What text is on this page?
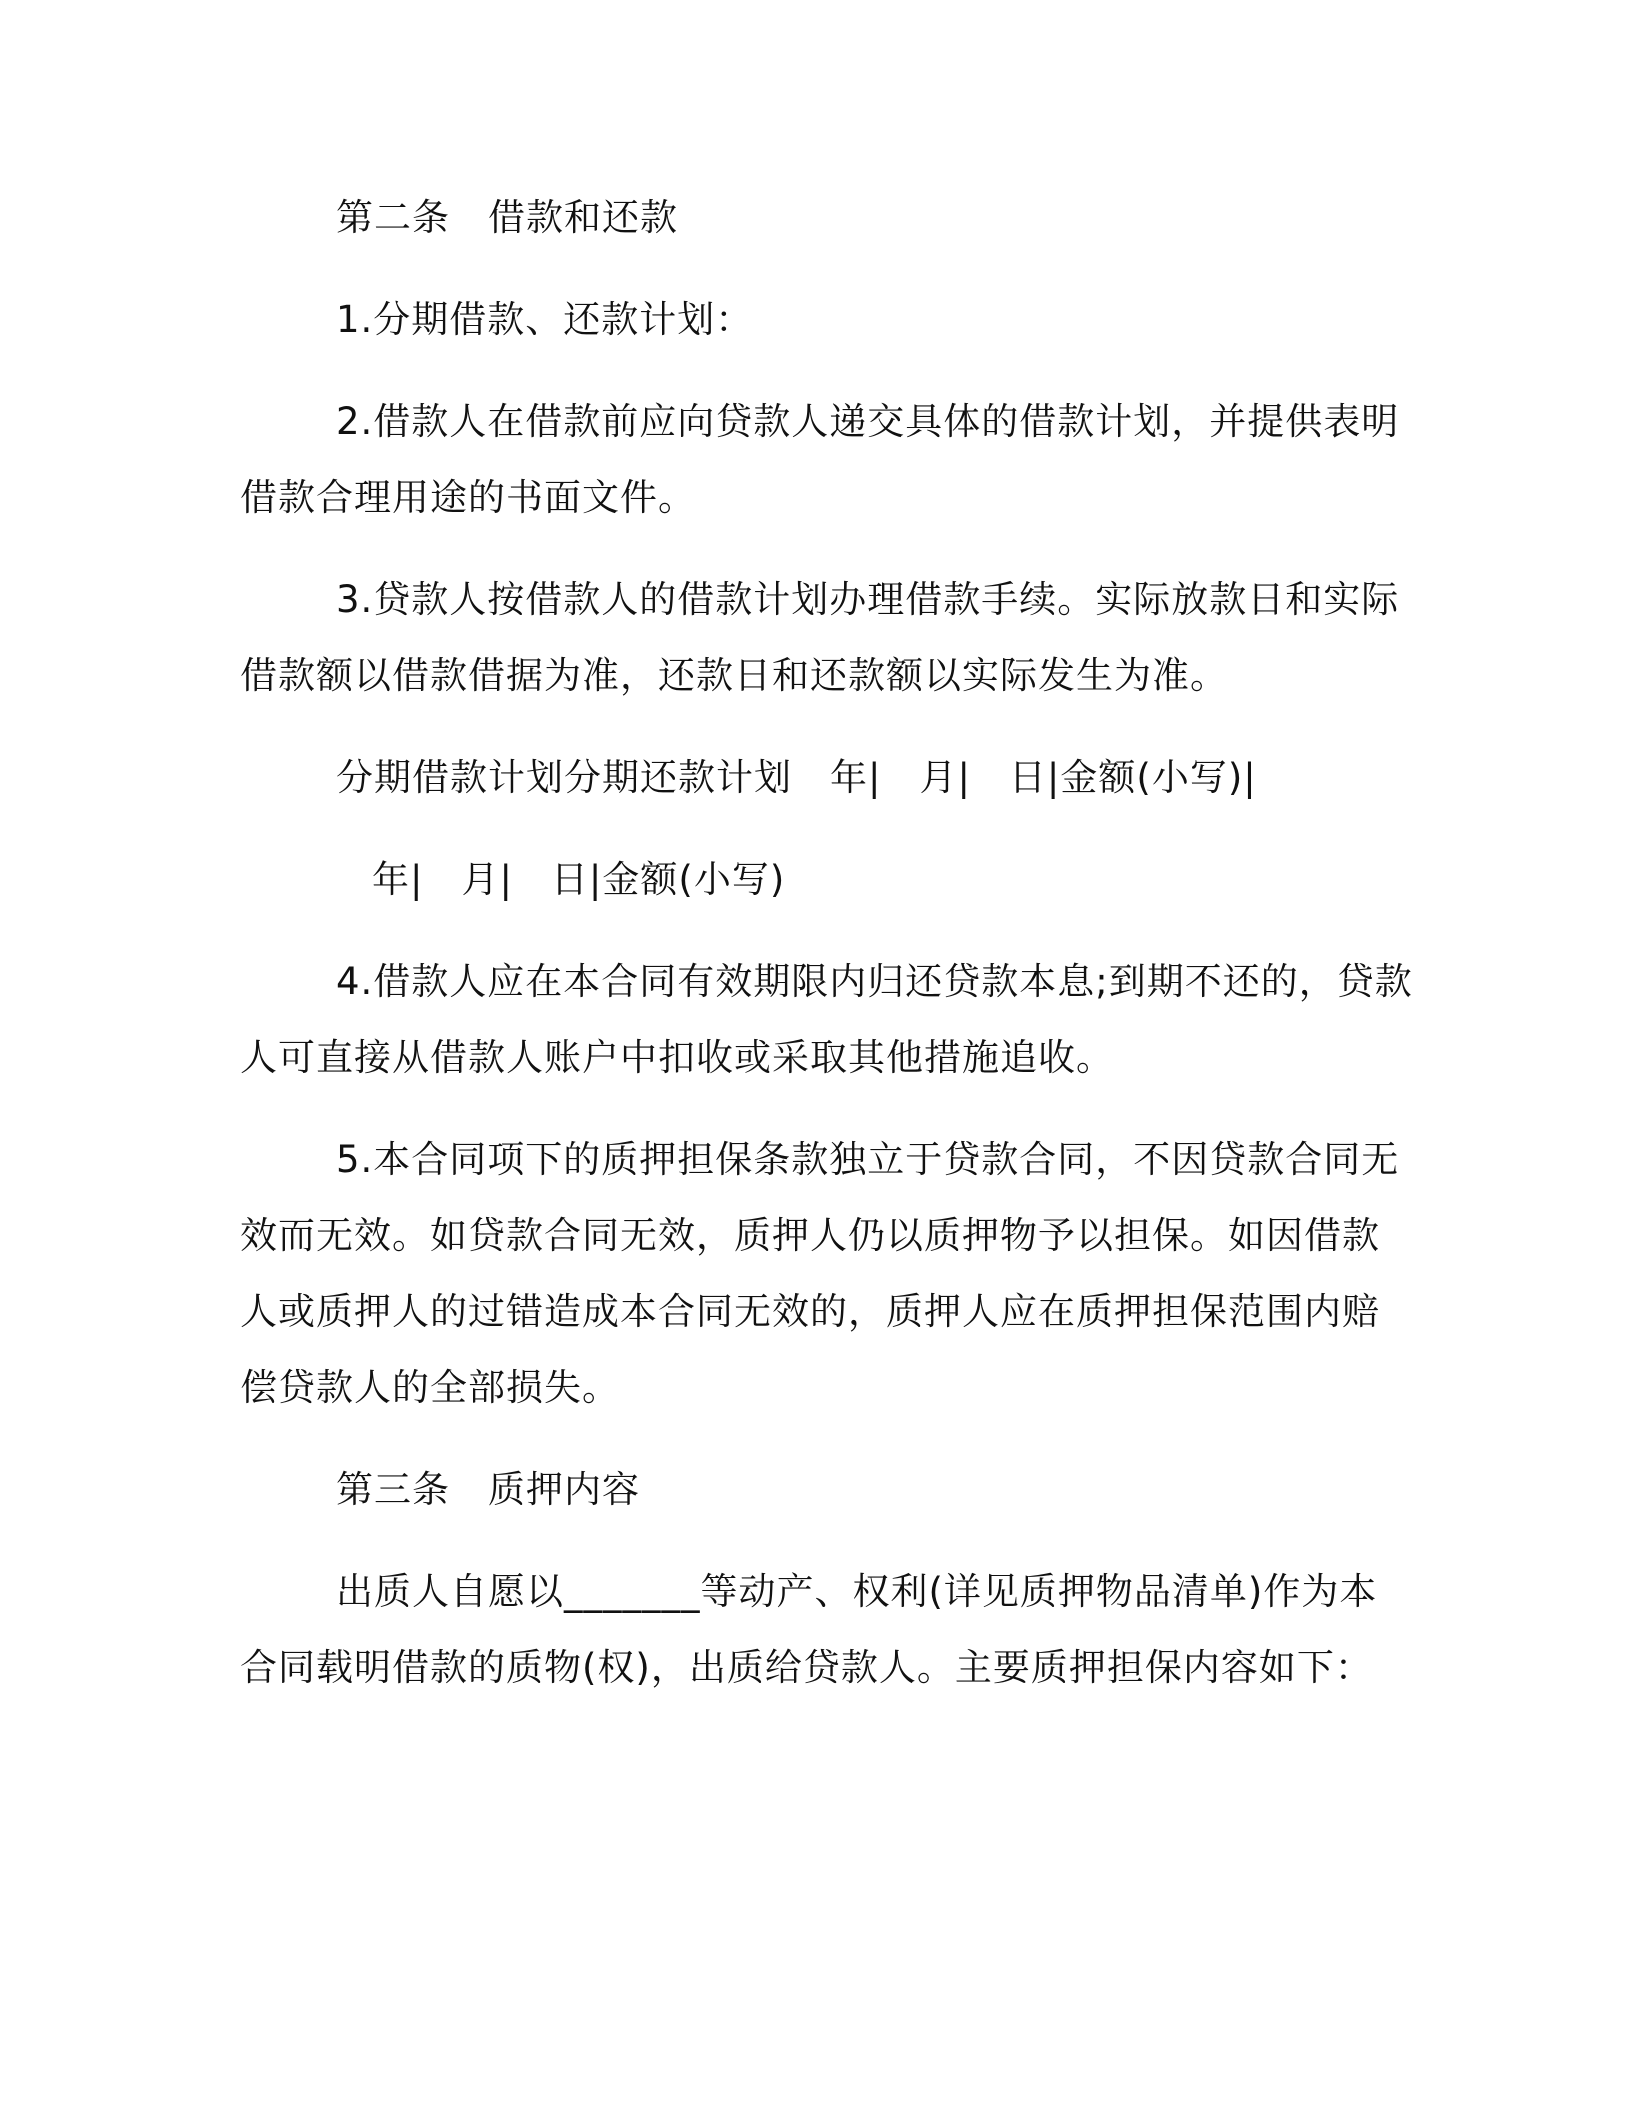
第二条　借款和还款
1.分期借款、还款计划：
2.借款人在借款前应向贷款人递交具体的借款计划，并提供表明
借款合理用途的书面文件。
3.贷款人按借款人的借款计划办理借款手续。实际放款日和实际
借款额以借款借据为准，还款日和还款额以实际发生为准。
分期借款计划分期还款计划　年|　月|　日|金额(小写)|
年|　月|　日|金额(小写)
4.借款人应在本合同有效期限内归还贷款本息;到期不还的，贷款
人可直接从借款人账户中扣收或采取其他措施追收。
5.本合同项下的质押担保条款独立于贷款合同，不因贷款合同无
效而无效。如贷款合同无效，质押人仍以质押物予以担保。如因借款
人或质押人的过错造成本合同无效的，质押人应在质押担保范围内赔
偿贷款人的全部损失。
第三条　质押内容
出质人自愿以_______等动产、权利(详见质押物品清单)作为本
合同载明借款的质物(权)，出质给贷款人。主要质押担保内容如下：
